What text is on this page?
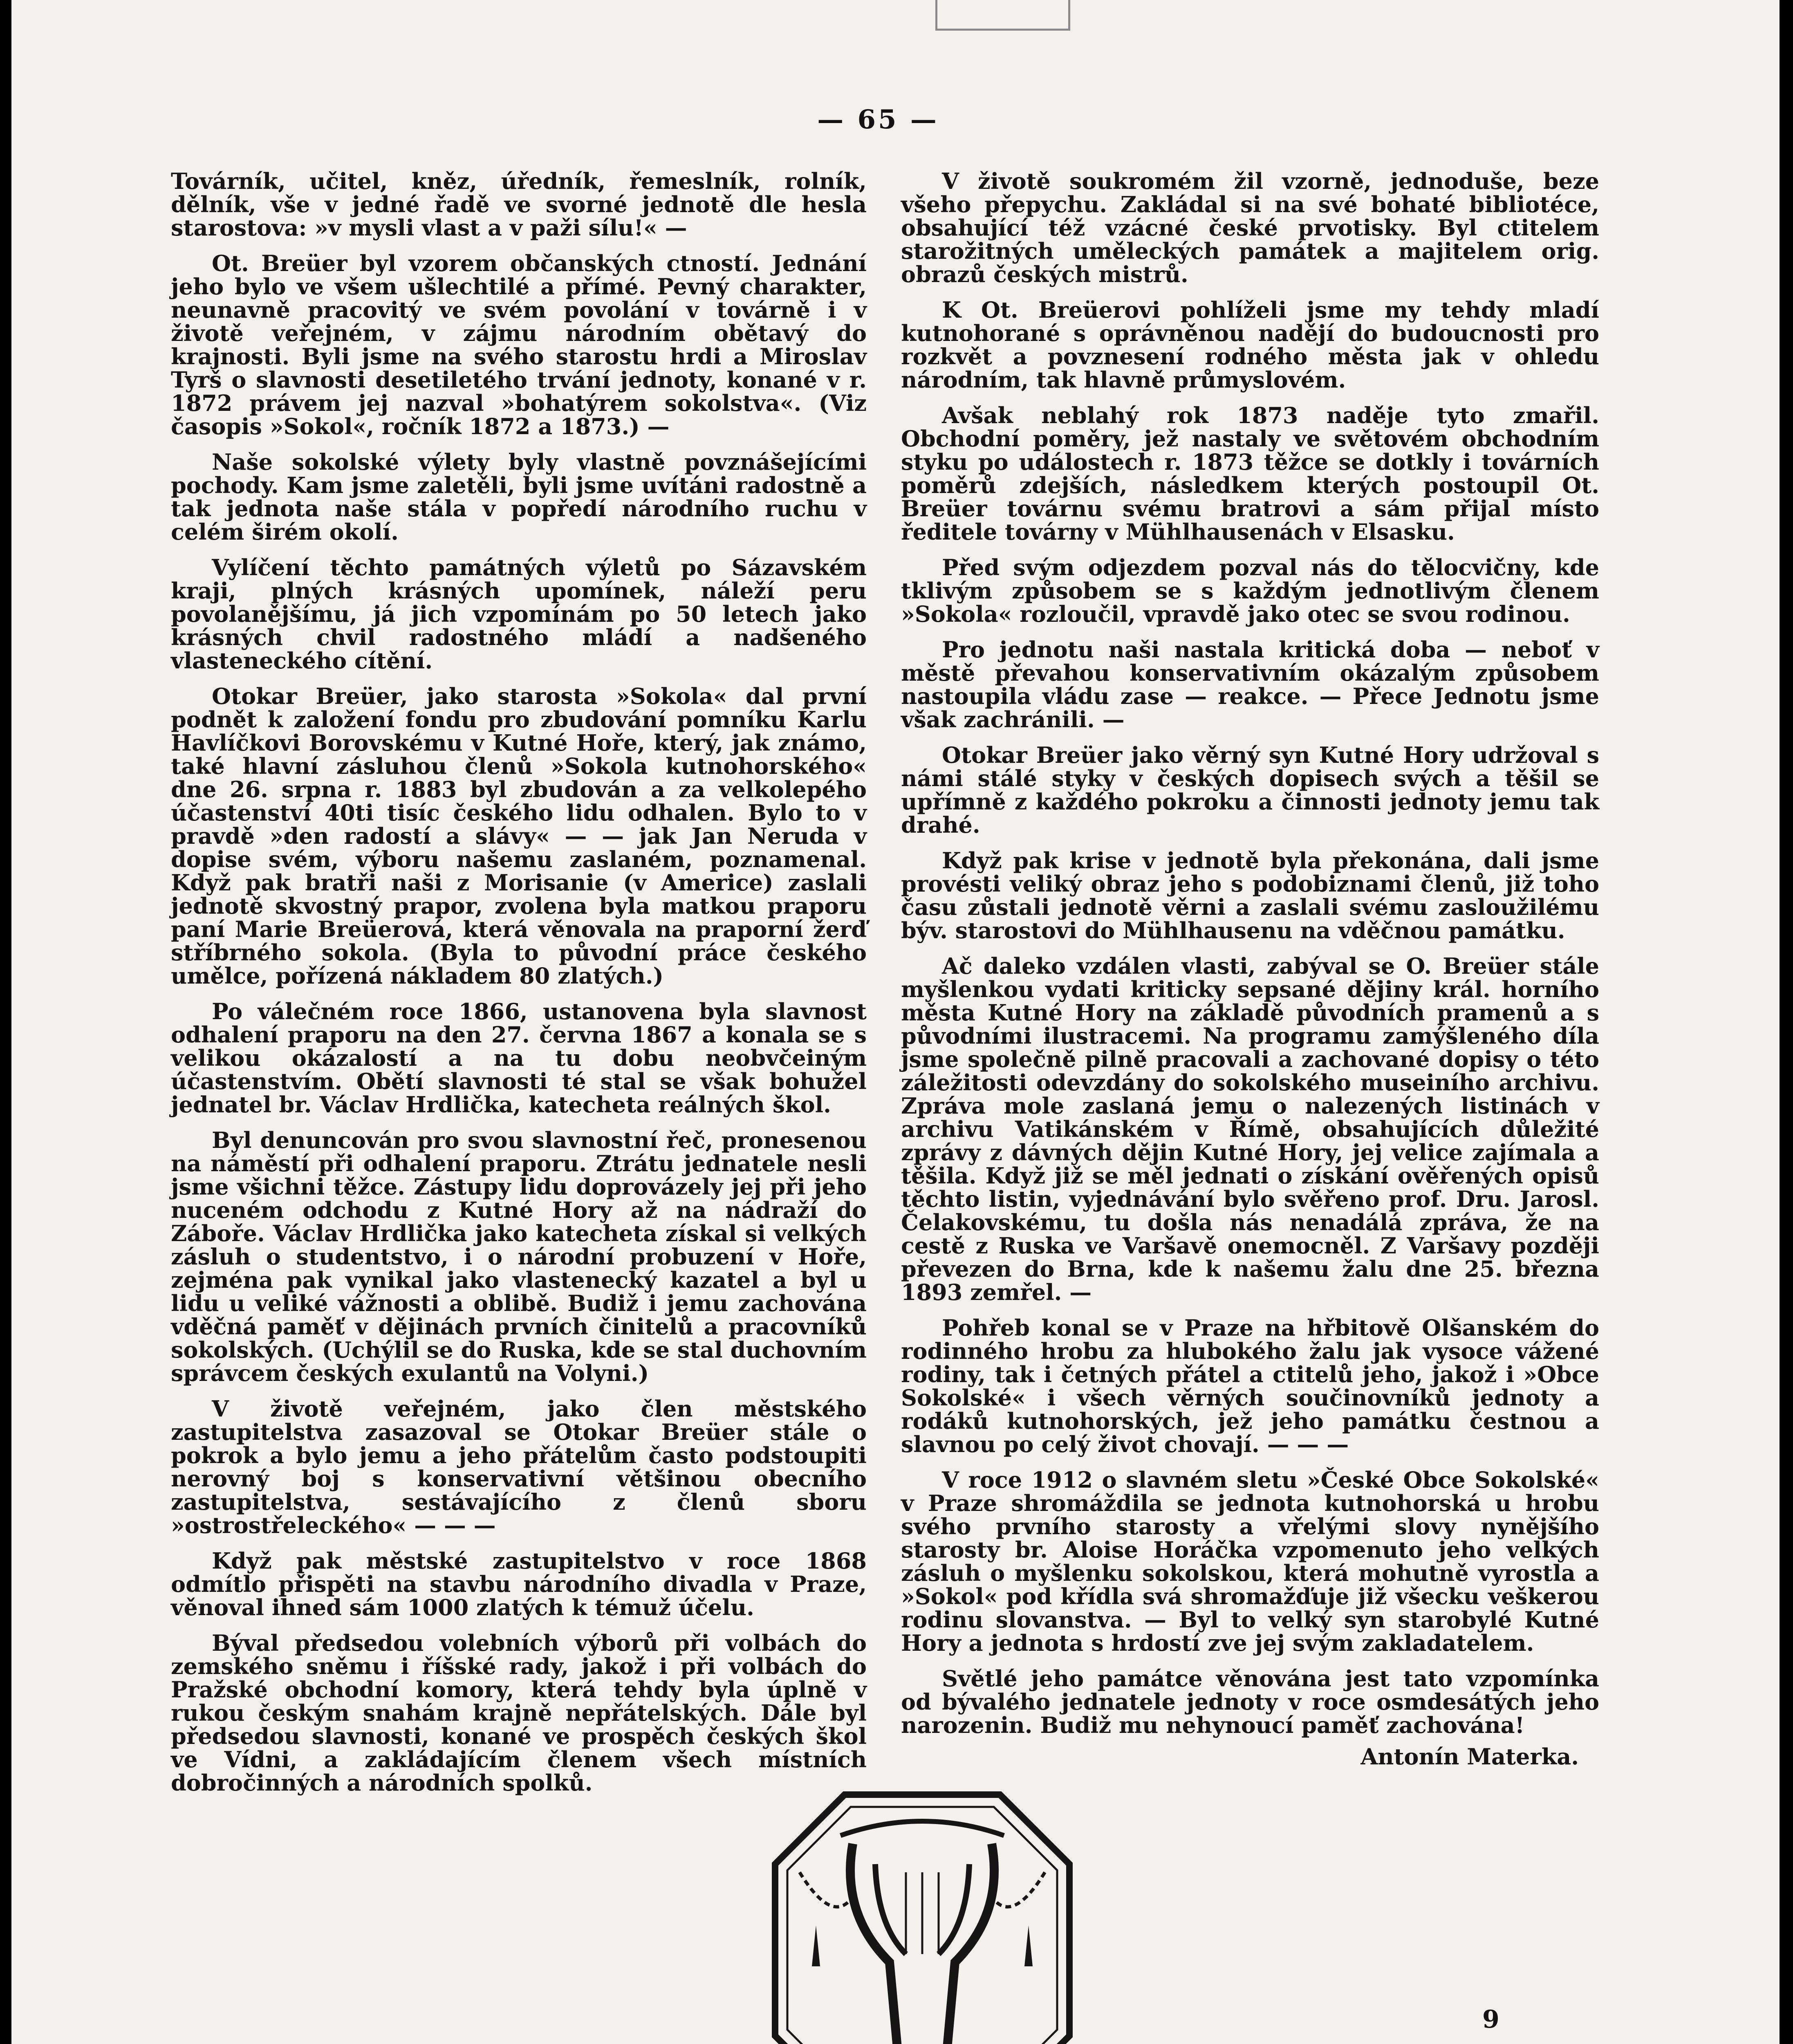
— 65 —

Továrník, učitel, kněz, úředník, řemeslník, rolník, dělník, vše v jedné řadě ve svorné jednotě dle hesla starostova: »v mysli vlast a v paži sílu!« —

Ot. Breüer byl vzorem občanských ctností. Jednání jeho bylo ve všem ušlechtilé a přímé. Pevný charakter, neunavně pracovitý ve svém povolání v továrně i v životě veřejném, v zájmu národním obětavý do krajnosti. Byli jsme na svého starostu hrdi a Miroslav Tyrš o slavnosti desetiletého trvání jednoty, konané v r. 1872 právem jej nazval »bohatýrem sokolstva«. (Viz časopis »Sokol«, ročník 1872 a 1873.) —

Naše sokolské výlety byly vlastně povznášejícími pochody. Kam jsme zaletěli, byli jsme uvítáni radostně a tak jednota naše stála v popředí národního ruchu v celém širém okolí.

Vylíčení těchto památných výletů po Sázavském kraji, plných krásných upomínek, náleží peru povolanějšímu, já jich vzpomínám po 50 letech jako krásných chvil radostného mládí a nadšeného vlasteneckého cítění.

Otokar Breüer, jako starosta »Sokola« dal první podnět k založení fondu pro zbudování pomníku Karlu Havlíčkovi Borovskému v Kutné Hoře, který, jak známo, také hlavní zásluhou členů »Sokola kutnohorského« dne 26. srpna r. 1883 byl zbudován a za velkolepého účastenství 40ti tisíc českého lidu odhalen. Bylo to v pravdě »den radostí a slávy« — — jak Jan Neruda v dopise svém, výboru našemu zaslaném, poznamenal. Když pak bratři naši z Morisanie (v Americe) zaslali jednotě skvostný prapor, zvolena byla matkou praporu paní Marie Breüerová, která věnovala na praporní žerď stříbrného sokola. (Byla to původní práce českého umělce, pořízená nákladem 80 zlatých.)

Po válečném roce 1866, ustanovena byla slavnost odhalení praporu na den 27. června 1867 a konala se s velikou okázalostí a na tu dobu neobvčeiným účastenstvím. Obětí slavnosti té stal se však bohužel jednatel br. Václav Hrdlička, katecheta reálných škol.

Byl denuncován pro svou slavnostní řeč, pronesenou na náměstí při odhalení praporu. Ztrátu jednatele nesli jsme všichni těžce. Zástupy lidu doprovázely jej při jeho nuceném odchodu z Kutné Hory až na nádraží do Záboře. Václav Hrdlička jako katecheta získal si velkých zásluh o studentstvo, i o národní probuzení v Hoře, zejména pak vynikal jako vlastenecký kazatel a byl u lidu u veliké vážnosti a oblibě. Budiž i jemu zachována vděčná paměť v dějinách prvních činitelů a pracovníků sokolských. (Uchýlil se do Ruska, kde se stal duchovním správcem českých exulantů na Volyni.)

V životě veřejném, jako člen městského zastupitelstva zasazoval se Otokar Breüer stále o pokrok a bylo jemu a jeho přátelům často podstoupiti nerovný boj s konservativní většinou obecního zastupitelstva, sestávajícího z členů sboru »ostrostřeleckého« — — —

Když pak městské zastupitelstvo v roce 1868 odmítlo přispěti na stavbu národního divadla v Praze, věnoval ihned sám 1000 zlatých k témuž účelu.

Býval předsedou volebních výborů při volbách do zemského sněmu i říšské rady, jakož i při volbách do Pražské obchodní komory, která tehdy byla úplně v rukou českým snahám krajně nepřátelských. Dále byl předsedou slavnosti, konané ve prospěch českých škol ve Vídni, a zakládajícím členem všech místních dobročinných a národních spolků.

V životě soukromém žil vzorně, jednoduše, beze všeho přepychu. Zakládal si na své bohaté bibliotéce, obsahující též vzácné české prvotisky. Byl ctitelem starožitných uměleckých památek a majitelem orig. obrazů českých mistrů.

K Ot. Breüerovi pohlíželi jsme my tehdy mladí kutnohorané s oprávněnou nadějí do budoucnosti pro rozkvět a povznesení rodného města jak v ohledu národním, tak hlavně průmyslovém.

Avšak neblahý rok 1873 naděje tyto zmařil. Obchodní poměry, jež nastaly ve světovém obchodním styku po událostech r. 1873 těžce se dotkly i továrních poměrů zdejších, následkem kterých postoupil Ot. Breüer továrnu svému bratrovi a sám přijal místo ředitele továrny v Mühlhausenách v Elsasku.

Před svým odjezdem pozval nás do tělocvičny, kde tklivým způsobem se s každým jednotlivým členem »Sokola« rozloučil, vpravdě jako otec se svou rodinou.

Pro jednotu naši nastala kritická doba — neboť v městě převahou konservativním okázalým způsobem nastoupila vládu zase — reakce. — Přece Jednotu jsme však zachránili. —

Otokar Breüer jako věrný syn Kutné Hory udržoval s námi stálé styky v českých dopisech svých a těšil se upřímně z každého pokroku a činnosti jednoty jemu tak drahé.

Když pak krise v jednotě byla překonána, dali jsme provésti veliký obraz jeho s podobiznami členů, již toho času zůstali jednotě věrni a zaslali svému zasloužilému býv. starostovi do Mühlhausenu na vděčnou památku.

Ač daleko vzdálen vlasti, zabýval se O. Breüer stále myšlenkou vydati kriticky sepsané dějiny král. horního města Kutné Hory na základě původních pramenů a s původními ilustracemi. Na programu zamýšleného díla jsme společně pilně pracovali a zachované dopisy o této záležitosti odevzdány do sokolského museiního archivu. Zpráva mole zaslaná jemu o nalezených listinách v archivu Vatikánském v Římě, obsahujících důležité zprávy z dávných dějin Kutné Hory, jej velice zajímala a těšila. Když již se měl jednati o získání ověřených opisů těchto listin, vyjednávání bylo svěřeno prof. Dru. Jarosl. Čelakovskému, tu došla nás nenadálá zpráva, že na cestě z Ruska ve Varšavě onemocněl. Z Varšavy později převezen do Brna, kde k našemu žalu dne 25. března 1893 zemřel. —

Pohřeb konal se v Praze na hřbitově Olšanském do rodinného hrobu za hlubokého žalu jak vysoce vážené rodiny, tak i četných přátel a ctitelů jeho, jakož i »Obce Sokolské« i všech věrných součinovníků jednoty a rodáků kutnohorských, jež jeho památku čestnou a slavnou po celý život chovají. — — —

V roce 1912 o slavném sletu »České Obce Sokolské« v Praze shromáždila se jednota kutnohorská u hrobu svého prvního starosty a vřelými slovy nynějšího starosty br. Aloise Horáčka vzpomenuto jeho velkých zásluh o myšlenku sokolskou, která mohutně vyrostla a »Sokol« pod křídla svá shromažďuje již všecku veškerou rodinu slovanstva. — Byl to velký syn starobylé Kutné Hory a jednota s hrdostí zve jej svým zakladatelem.

Světlé jeho památce věnována jest tato vzpomínka od bývalého jednatele jednoty v roce osmdesátých jeho narozenin. Budiž mu nehynoucí paměť zachována!

Antonín Materka.
9
